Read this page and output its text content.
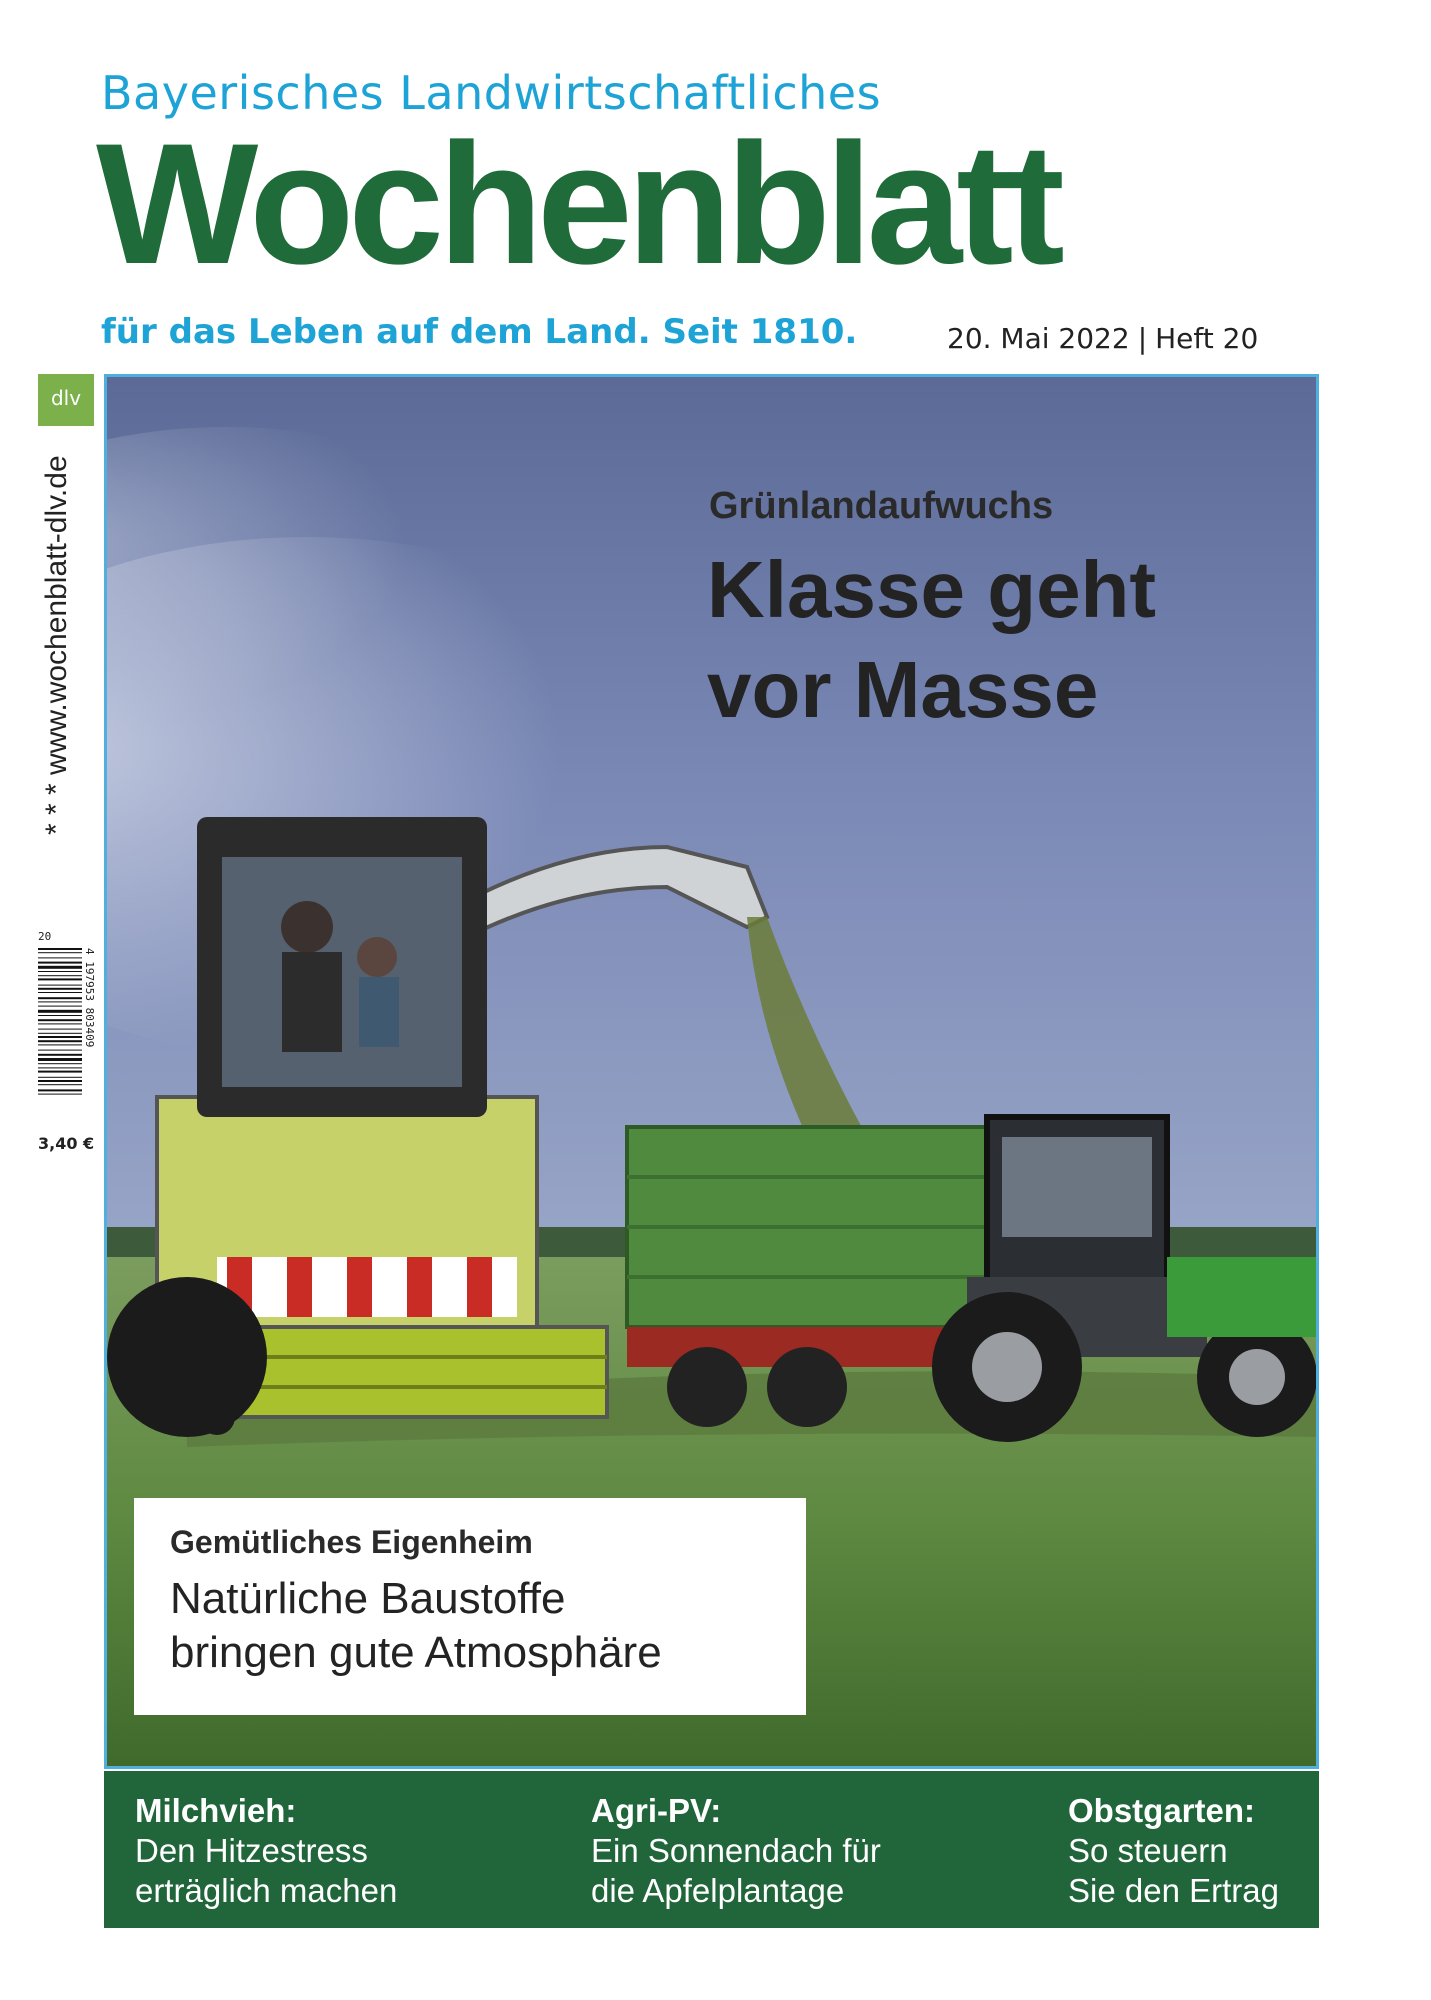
Bayerisches Landwirtschaftliches
Wochenblatt
für das Leben auf dem Land. Seit 1810.	20. Mai 2022 | Heft 20
dlv
* * * www.wochenblatt-dlv.de
4 197953 803409
20
3,40 €
Grünlandaufwuchs
Klasse geht
vor Masse
Gemütliches Eigenheim
Natürliche Baustoffe
bringen gute Atmosphäre
Milchvieh:
Den Hitzestress
erträglich machen
Agri-PV:
Ein Sonnendach für
die Apfelplantage
Obstgarten:
So steuern
Sie den Ertrag
